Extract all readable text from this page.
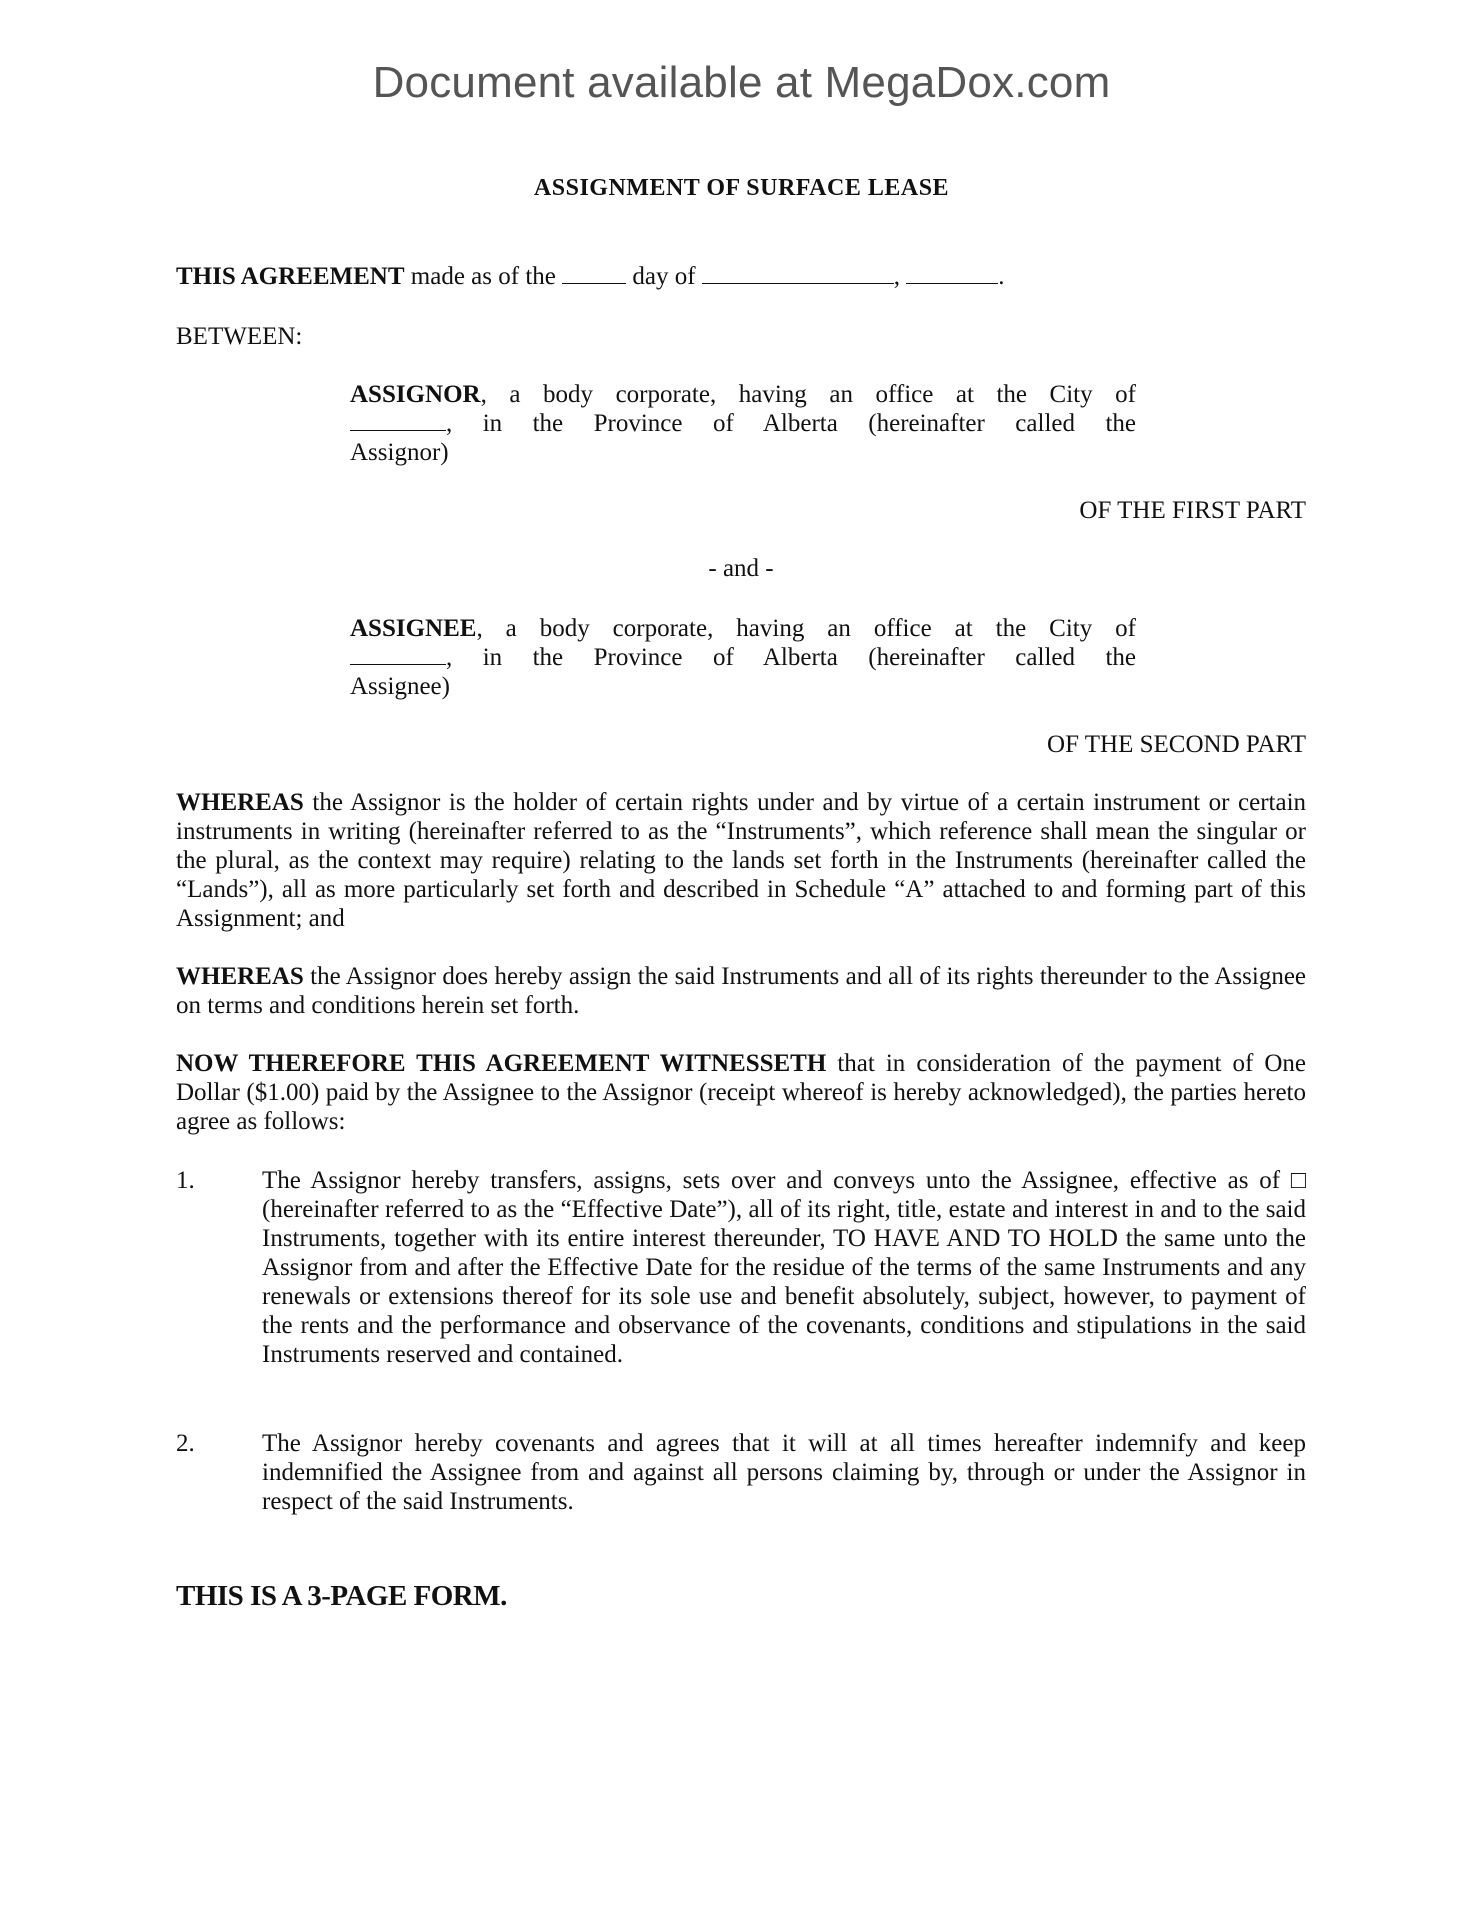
Document available at MegaDox.com
ASSIGNMENT OF SURFACE LEASE
THIS AGREEMENT made as of the	day of	,	.
BETWEEN:
ASSIGNOR, a body corporate, having an office at the City of
, in the Province of Alberta (hereinafter called the
Assignor)
OF THE FIRST PART
- and -
ASSIGNEE, a body corporate, having an office at the City of
, in the Province of Alberta (hereinafter called the
Assignee)
OF THE SECOND PART
WHEREAS the Assignor is the holder of certain rights under and by virtue of a certain instrument or certain instruments in writing (hereinafter referred to as the “Instruments”, which reference shall mean the singular or the plural, as the context may require) relating to the lands set forth in the Instruments (hereinafter called the “Lands”), all as more particularly set forth and described in Schedule “A” attached to and forming part of this Assignment; and
WHEREAS the Assignor does hereby assign the said Instruments and all of its rights thereunder to the Assignee on terms and conditions herein set forth.
NOW THEREFORE THIS AGREEMENT WITNESSETH that in consideration of the payment of One Dollar ($1.00) paid by the Assignee to the Assignor (receipt whereof is hereby acknowledged), the parties hereto agree as follows:
1.	The Assignor hereby transfers, assigns, sets over and conveys unto the Assignee, effective as of □ (hereinafter referred to as the “Effective Date”), all of its right, title, estate and interest in and to the said Instruments, together with its entire interest thereunder, TO HAVE AND TO HOLD the same unto the Assignor from and after the Effective Date for the residue of the terms of the same Instruments and any renewals or extensions thereof for its sole use and benefit absolutely, subject, however, to payment of the rents and the performance and observance of the covenants, conditions and stipulations in the said Instruments reserved and contained.
2.	The Assignor hereby covenants and agrees that it will at all times hereafter indemnify and keep indemnified the Assignee from and against all persons claiming by, through or under the Assignor in respect of the said Instruments.
THIS IS A 3-PAGE FORM.
